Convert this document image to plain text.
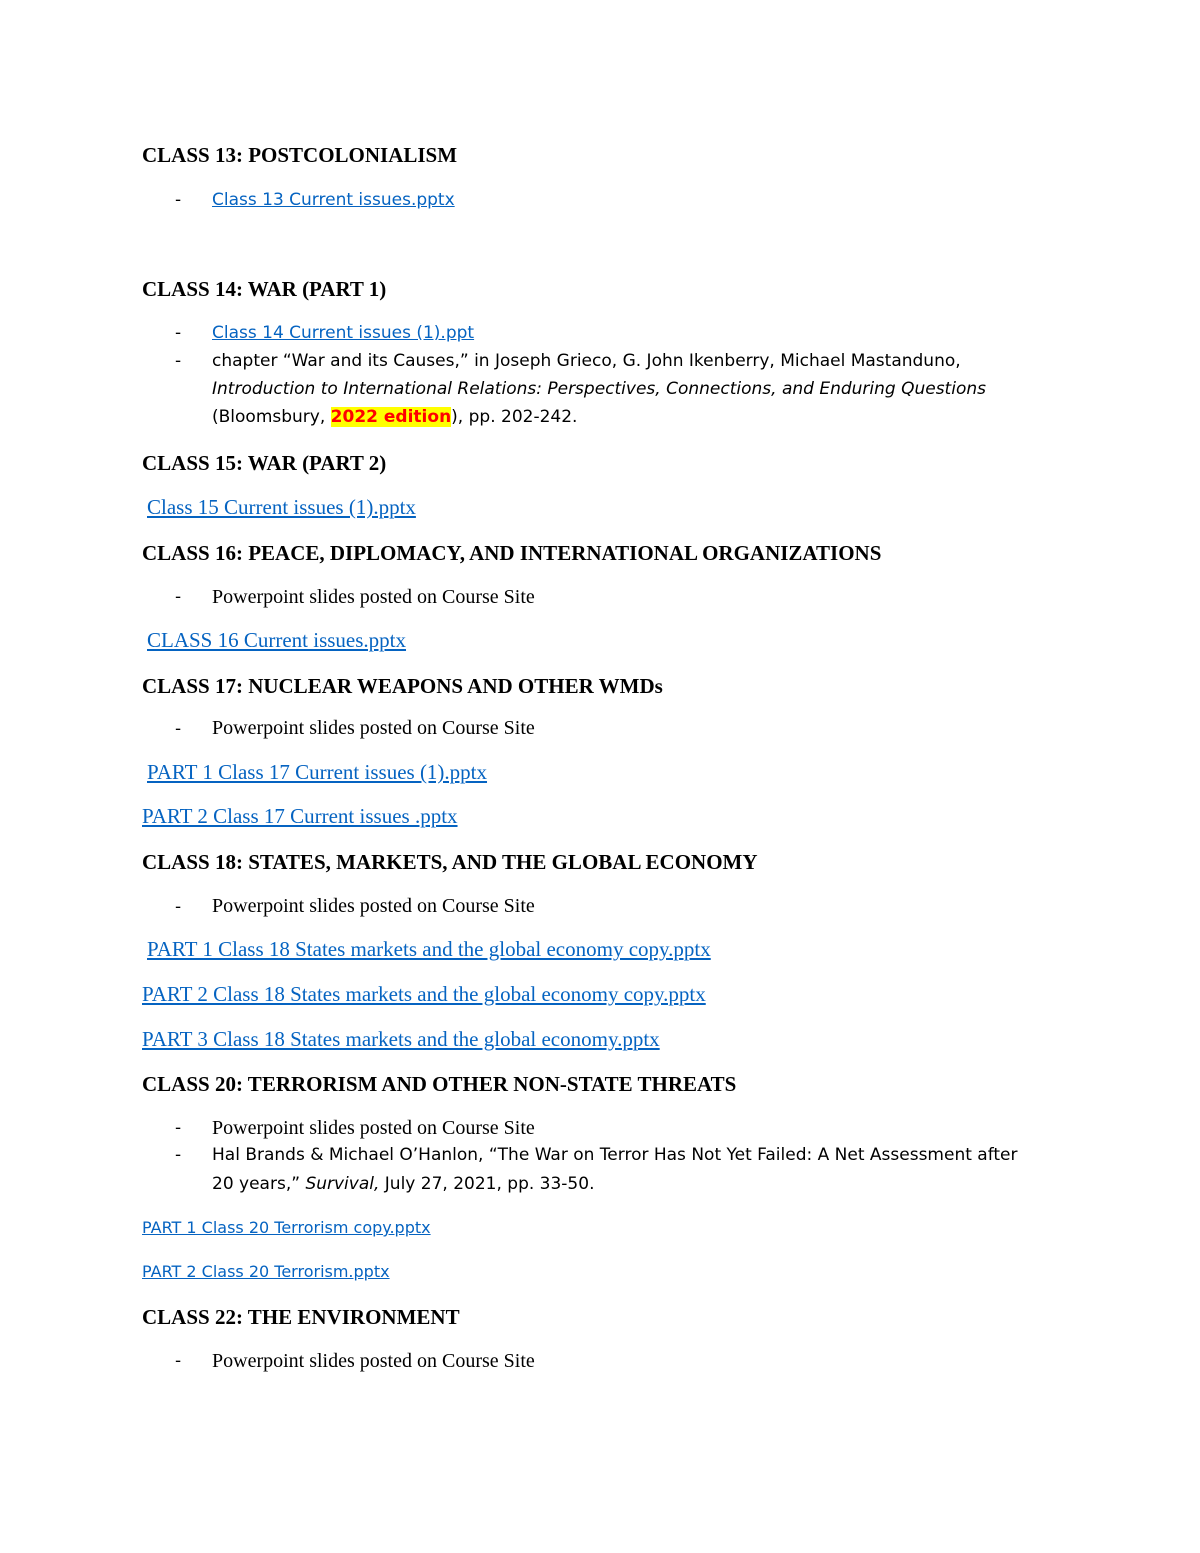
CLASS 13: POSTCOLONIALISM
- Class 13 Current issues.pptx
CLASS 14: WAR (PART 1)
- Class 14 Current issues (1).ppt
- chapter “War and its Causes,” in Joseph Grieco, G. John Ikenberry, Michael Mastanduno,
Introduction to International Relations: Perspectives, Connections, and Enduring Questions
(Bloomsbury, 2022 edition), pp. 202-242.
CLASS 15: WAR (PART 2)
Class 15 Current issues (1).pptx
CLASS 16: PEACE, DIPLOMACY, AND INTERNATIONAL ORGANIZATIONS
- Powerpoint slides posted on Course Site
CLASS 16 Current issues.pptx
CLASS 17: NUCLEAR WEAPONS AND OTHER WMDs
- Powerpoint slides posted on Course Site
PART 1 Class 17 Current issues (1).pptx
PART 2 Class 17 Current issues .pptx
CLASS 18: STATES, MARKETS, AND THE GLOBAL ECONOMY
- Powerpoint slides posted on Course Site
PART 1 Class 18 States markets and the global economy copy.pptx
PART 2 Class 18 States markets and the global economy copy.pptx
PART 3 Class 18 States markets and the global economy.pptx
CLASS 20: TERRORISM AND OTHER NON-STATE THREATS
- Powerpoint slides posted on Course Site
- Hal Brands & Michael O’Hanlon, “The War on Terror Has Not Yet Failed: A Net Assessment after
20 years,” Survival, July 27, 2021, pp. 33-50.
PART 1 Class 20 Terrorism copy.pptx
PART 2 Class 20 Terrorism.pptx
CLASS 22: THE ENVIRONMENT
- Powerpoint slides posted on Course Site
